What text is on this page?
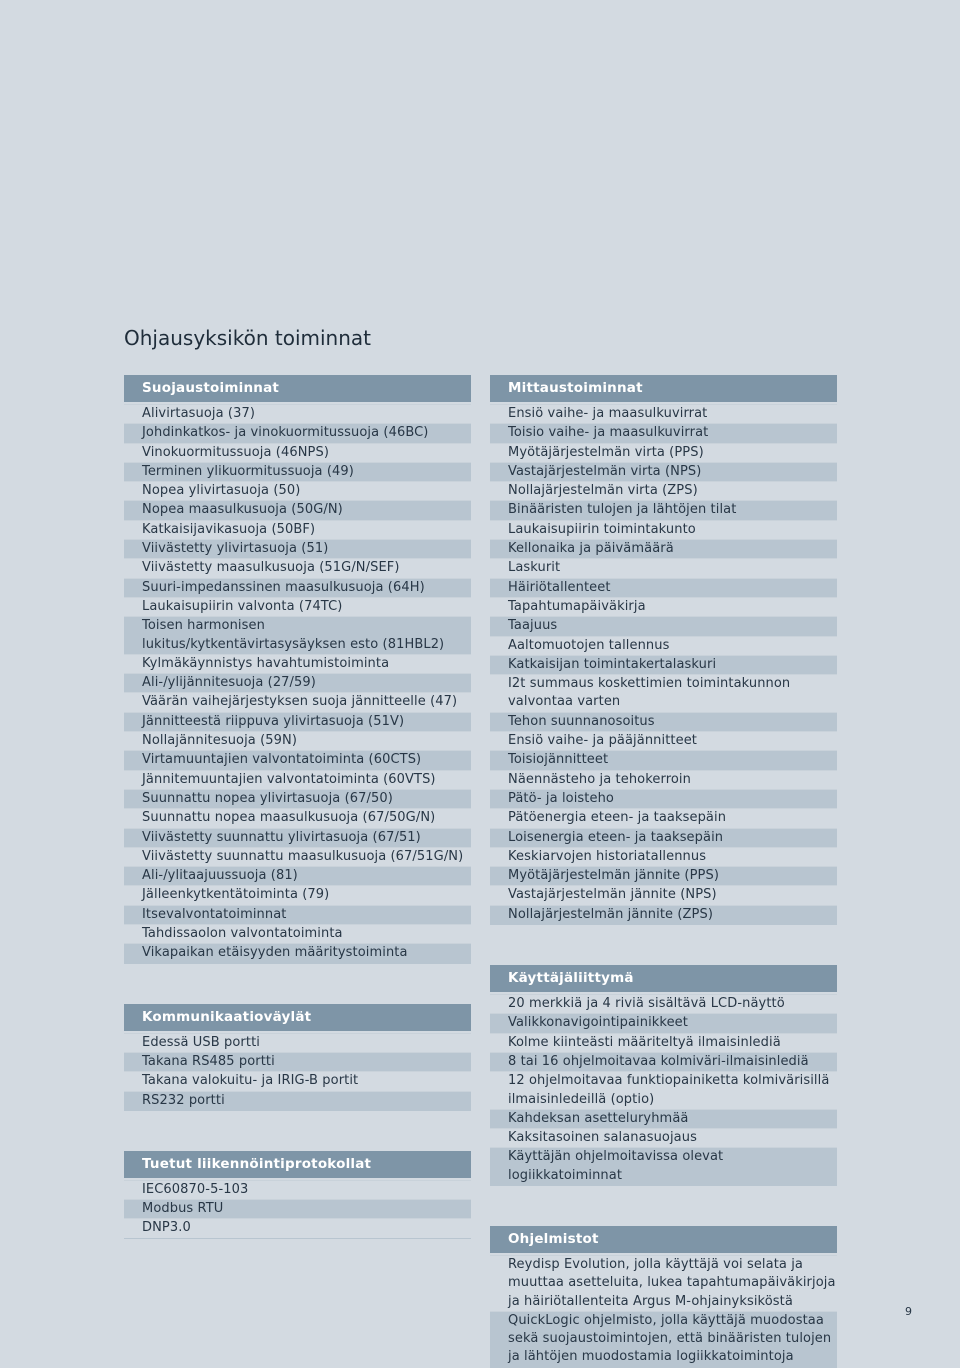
Ohjausyksikön toiminnat
Suojaustoiminnat
Alivirtasuoja (37)
Johdinkatkos- ja vinokuormitussuoja (46BC)
Vinokuormitussuoja (46NPS)
Terminen ylikuormitussuoja (49)
Nopea ylivirtasuoja (50)
Nopea maasulkusuoja (50G/N)
Katkaisijavikasuoja (50BF)
Viivästetty ylivirtasuoja (51)
Viivästetty maasulkusuoja (51G/N/SEF)
Suuri-impedanssinen maasulkusuoja (64H)
Laukaisupiirin valvonta (74TC)
Toisen harmonisen lukitus/kytkentävirtasysäyksen esto (81HBL2)
Kylmäkäynnistys havahtumistoiminta
Ali-/ylijännitesuoja (27/59)
Väärän vaihejärjestyksen suoja jännitteelle (47)
Jännitteestä riippuva ylivirtasuoja (51V)
Nollajännitesuoja (59N)
Virtamuuntajien valvontatoiminta (60CTS)
Jännitemuuntajien valvontatoiminta (60VTS)
Suunnattu nopea ylivirtasuoja (67/50)
Suunnattu nopea maasulkusuoja (67/50G/N)
Viivästetty suunnattu ylivirtasuoja (67/51)
Viivästetty suunnattu maasulkusuoja (67/51G/N)
Ali-/ylitaajuussuoja (81)
Jälleenkytkentätoiminta (79)
Itsevalvontatoiminnat
Tahdissaolon valvontatoiminta
Vikapaikan etäisyyden määritystoiminta
Kommunikaatioväylät
Edessä USB portti
Takana RS485 portti
Takana valokuitu- ja IRIG-B portit
RS232 portti
Tuetut liikennöintiprotokollat
IEC60870-5-103
Modbus RTU
DNP3.0
Mittaustoiminnat
Ensiö vaihe- ja maasulkuvirrat
Toisio vaihe- ja maasulkuvirrat
Myötäjärjestelmän virta (PPS)
Vastajärjestelmän virta (NPS)
Nollajärjestelmän virta (ZPS)
Binääristen tulojen ja lähtöjen tilat
Laukaisupiirin toimintakunto
Kellonaika ja päivämäärä
Laskurit
Häiriötallenteet
Tapahtumapäiväkirja
Taajuus
Aaltomuotojen tallennus
Katkaisijan toimintakertalaskuri
I2t summaus koskettimien toimintakunnon valvontaa varten
Tehon suunnanosoitus
Ensiö vaihe- ja pääjännitteet
Toisiojännitteet
Näennästeho ja tehokerroin
Pätö- ja loisteho
Pätöenergia eteen- ja taaksepäin
Loisenergia eteen- ja taaksepäin
Keskiarvojen historiatallennus
Myötäjärjestelmän jännite (PPS)
Vastajärjestelmän jännite (NPS)
Nollajärjestelmän jännite (ZPS)
Käyttäjäliittymä
20 merkkiä ja 4 riviä sisältävä LCD-näyttö
Valikkonavigointipainikkeet
Kolme kiinteästi määriteltyä ilmaisinlediä
8 tai 16 ohjelmoitavaa kolmiväri-ilmaisinlediä
12 ohjelmoitavaa funktiopainiketta kolmivärisillä ilmaisinledeillä (optio)
Kahdeksan asetteluryhmää
Kaksitasoinen salanasuojaus
Käyttäjän ohjelmoitavissa olevat logiikkatoiminnat
Ohjelmistot
Reydisp Evolution, jolla käyttäjä voi selata ja muuttaa asetteluita, lukea tapahtumapäiväkirjoja ja häiriötallenteita Argus M-ohjainyksiköstä
QuickLogic ohjelmisto, jolla käyttäjä muodostaa sekä suojaustoimintojen, että binääristen tulojen ja lähtöjen muodostamia logiikkatoimintoja
9
